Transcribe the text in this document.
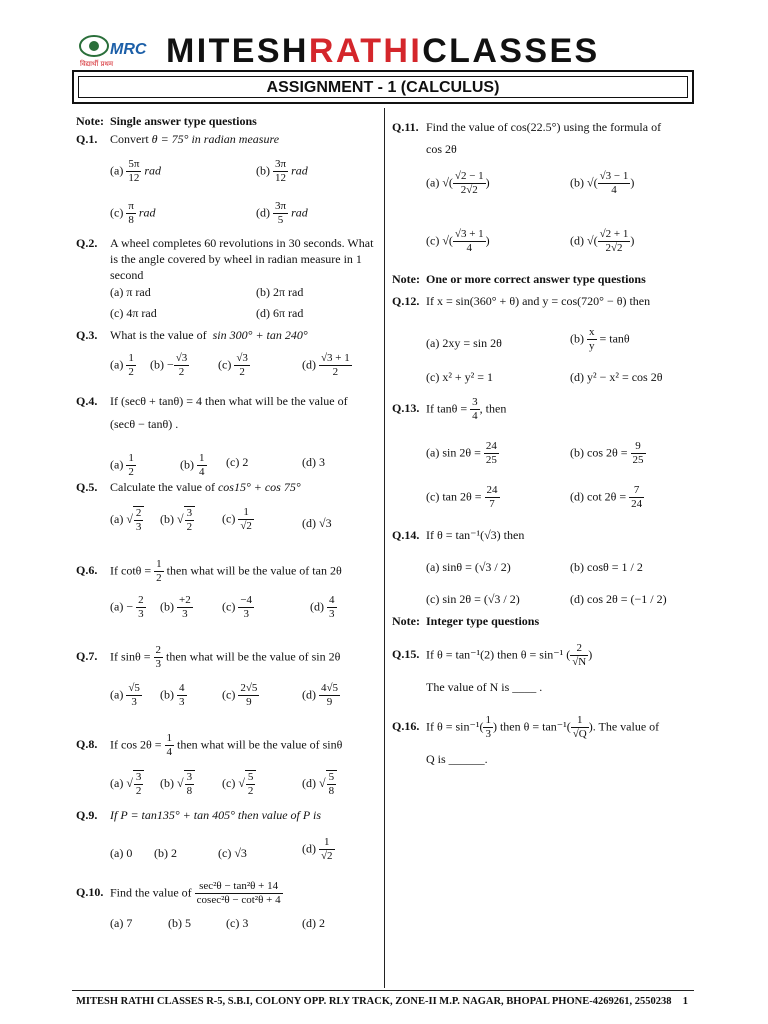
MRC
विद्यार्थी प्रथम MITESHRATHICLASSES
ASSIGNMENT - 1 (CALCULUS)
Note: Single answer type questions
Q.1. Convert θ = 75° in radian measure
$(a) \frac{5\pi}{12}$ rad	$(b) \frac{3\pi}{12}$ rad
$(c) \frac{\pi}{8}$ rad	$(d) \frac{3\pi}{5}$ rad
Q.2. A wheel completes 60 revolutions in 30 seconds. What
is the angle covered by wheel in radian measure in 1
second
(a) π rad	(b) 2π rad
(c) 4π rad	(d) 6π rad
Q.3. What is the value of sin 300° + tan 240°
$(a) \frac{1}{2} (b) - \frac{√3}{2} (c) \frac{√3}{2}$	$(d) \frac{√3 + 1}{2}$
Q.4. If (secθ + tanθ) = 4 then what will be the value of
(secθ − tanθ) .
$(a) \frac{1}{2}$	$(b) \frac{1}{4} (c)$ 2	(d) 3
Q.5. Calculate the value of cos15° + cos 75°
(a) √ $\frac{2}{3} (b)$ √ $\frac{3}{2} (c) \frac{1}{√2}$	(d) √3
Q.6. If $\cot\theta = \frac{1}{2}$ then what will be the value of tan 2θ
$(a) - \frac{2}{3} (b) \frac{+2}{3} (c) \frac{-4}{3}$	$(d) \frac{4}{3}$
Q.7. If $\sin\theta = \frac{2}{3}$ then what will be the value of sin 2θ
$(a) \frac{√5}{3} (b) \frac{4}{3}$	$(c) \frac{2√5}{9}$	$(d) \frac{4√5}{9}$
Q.8. If $\cos 2\theta = \frac{1}{4}$ then what will be the value of sinθ
(a) √ $\frac{3}{2} (b)$ √ $\frac{3}{8} (c)$ √ $\frac{5}{2}$	(d) √ $\frac{5}{8}$
Q.9. If P = tan135° + tan 405° then value of P is
(a) 0 (b) 2	(c) √3	$(d) \frac{1}{√2}$
Q.10. Find the value of $\frac{\text{sec²θ − tan²θ + 14}}{\text{cosec²θ − cot²θ + 4}}$
(a) 7	(b) 5	(c) 3	(d) 2
Q.11. Find the value of cos(22.5°) using the formula of
cos 2θ
(a) √( $\frac{√2 - 1}{2√2}$ )	(b) √( $\frac{√3 - 1}{4}$ )
(c) √( $\frac{√3 + 1}{4}$ )	(d) √( $\frac{√2 + 1}{2√2}$ )
Note: One or more correct answer type questions
Q.12. If x = sin(360° + θ) and y = cos(720° − θ) then
(a) 2xy = sin 2θ	$(b) \frac{x}{y} = \tan\theta$
(c) x² + y² = 1	(d) y² − x² = cos 2θ
Q.13. If $\tan\theta = \frac{3}{4}$ , then
(a) $\sin 2\theta = \frac{24}{25}$	(b) $\cos 2\theta = \frac{9}{25}$
(c) $\tan 2\theta = \frac{24}{7}$	(d) $\cot 2\theta = \frac{7}{24}$
Q.14. If θ = tan⁻¹(√3) then
(a) sinθ = (√3 / 2)	(b) cosθ = 1 / 2
(c) sin 2θ = (√3 / 2)	(d) cos 2θ = (−1 / 2)
Note: Integer type questions
Q.15. If θ = tan⁻¹(2) then θ = sin⁻¹ ( $\frac{2}{√N}$ )
The value of N is ____ .
Q.16. If $\theta = \sin^{-1}( \frac{1}{3}$ ) then $\theta = \tan^{-1}( \frac{1}{√Q}$ ). The value of
Q is ______.
MITESH RATHI CLASSES R-5, S.B.I, COLONY OPP. RLY TRACK, ZONE-II M.P. NAGAR, BHOPAL PHONE-4269261, 2550238 1
